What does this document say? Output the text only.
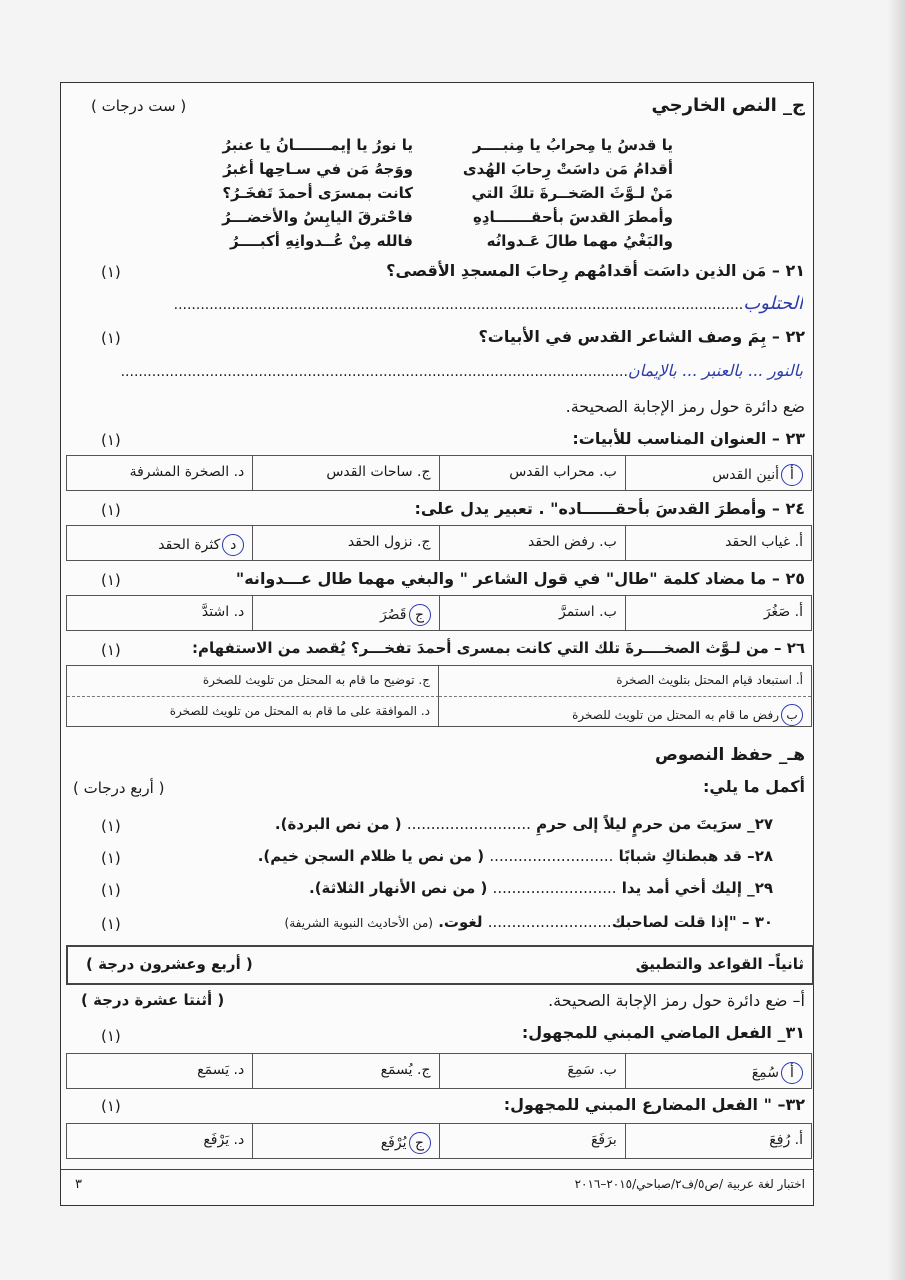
ج_ النص الخارجي
( ست درجات )
يا قدسُ يا مِحرابُ يا مِنبــــر
أقدامُ مَن داسَتْ رِحابَ الهُدى
مَنْ لـوَّثَ الصَخــرةَ تلكَ التي
وأمطرَ القدسَ بأحقـــــــادِهِ
والبَغْيُ مهما طالَ عَـدوانُه
يا نورُ يا إيمـــــــانُ يا عنبرُ
ووَجهُ مَن في سـاحِها أغبرُ
كانت بمسرَى أحمدَ تَفخَـرُ؟
فاحْترقَ اليابِسُ والأخضـــرُ
فالله مِنْ عُــدوانِهِ أكبــــرُ
٢١ – مَن الذين داسَت أقدامُهم رِحابَ المسجدِ الأقصى؟
(١)
الحتلوب................................................................................................................................
٢٢ – بِمَ وصف الشاعر القدس في الأبيات؟
(١)
بالنور ... بالعنبر ... بالإيمان..................................................................................................................
ضع دائرة حول رمز الإجابة الصحيحة.
٢٣ – العنوان المناسب للأبيات:
(١)
أأنين القدس
ب. محراب القدس
ج. ساحات القدس
د. الصخرة المشرفة
٢٤ – وأمطرَ القدسَ بأحقــــــاده" . تعبير يدل على:
(١)
أ. غياب الحقد
ب. رفض الحقد
ج. نزول الحقد
دكثرة الحقد
٢٥ – ما مضاد كلمة "طال" في قول الشاعر " والبغي مهما طال عـــدوانه"
(١)
أ. صَغُرَ
ب. استمرَّ
جقَصُرَ
د. اشتدَّ
٢٦ – من لـوَّث الصخــــرةَ تلك التي كانت بمسرى أحمدَ تفخـــر؟ يُقصد من الاستفهام:
(١)
أ. استبعاد قيام المحتل بتلويث الصخرة
ج. توضيح ما قام به المحتل من تلويث للصخرة
برفض ما قام به المحتل من تلويث للصخرة
د. الموافقة على ما قام به المحتل من تلويث للصخرة
هـ_ حفظ النصوص
أكمل ما يلي:
( أربع درجات )
٢٧_ سرَيتَ من حرمٍ ليلاً إلى حرمِ .......................... ( من نص البردة).
(١)
٢٨– قد هبطناكِ شبابًا .......................... ( من نص يا ظلام السجن خيم).
(١)
٢٩_ إليك أخي أمد يدا .......................... ( من نص الأنهار الثلاثة).
(١)
٣٠ – "إذا قلت لصاحبك.......................... لغوت. (من الأحاديث النبوية الشريفة)
(١)
ثانياً– القواعد والتطبيق
( أربع وعشرون درجة )
أ– ضع دائرة حول رمز الإجابة الصحيحة.
( أثنتا عشرة درجة )
٣١_ الفعل الماضي المبني للمجهول:
(١)
أسُمِعَ
ب. سَمِعَ
ج. يُسمَع
د. يَسمَع
٣٢– " الفعل المضارع المبني للمجهول:
(١)
أ. رُفِعَ
برَفَعَ
جيُرْفَع
د. يَرْفَع
اختبار لغة عربية /ص٥/ف٢/صباحي/٢٠١٥–٢٠١٦
٣
